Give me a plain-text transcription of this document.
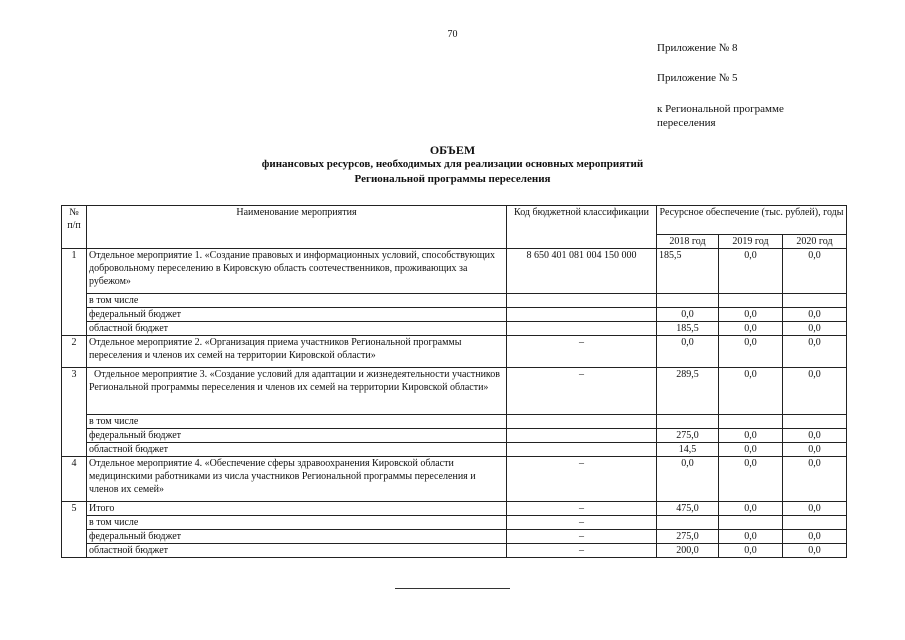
70
Приложение № 8
Приложение № 5
к Региональной программе переселения
ОБЪЕМ
финансовых ресурсов, необходимых для реализации основных мероприятий
Региональной программы переселения
№ п/п	Наименование мероприятия	Код бюджетной классификации	Ресурсное обеспечение (тыс. рублей), годы		
			2018 год	2019 год	2020 год
1	Отдельное мероприятие 1. «Создание правовых и информационных условий, способствующих добровольному переселению в Кировскую область соотечественников, проживающих за рубежом»	8 650 401 081 004 150 000	185,5	0,0	0,0
	в том числе				
	федеральный бюджет		0,0	0,0	0,0
	областной бюджет		185,5	0,0	0,0
2	Отдельное мероприятие 2. «Организация приема участников Региональной программы переселения и членов их семей на территории Кировской области»	–	0,0	0,0	0,0
3	Отдельное мероприятие 3. «Создание условий для адаптации и жизнедеятельности участников Региональной программы переселения и членов их семей на территории Кировской области»	–	289,5	0,0	0,0
	в том числе				
	федеральный бюджет		275,0	0,0	0,0
	областной бюджет		14,5	0,0	0,0
4	Отдельное мероприятие 4. «Обеспечение сферы здравоохранения Кировской области медицинскими работниками из числа участников Региональной программы переселения и членов их семей»	–	0,0	0,0	0,0
5	Итого	–	475,0	0,0	0,0
	в том числе	–			
	федеральный бюджет	–	275,0	0,0	0,0
	областной бюджет	–	200,0	0,0	0,0
